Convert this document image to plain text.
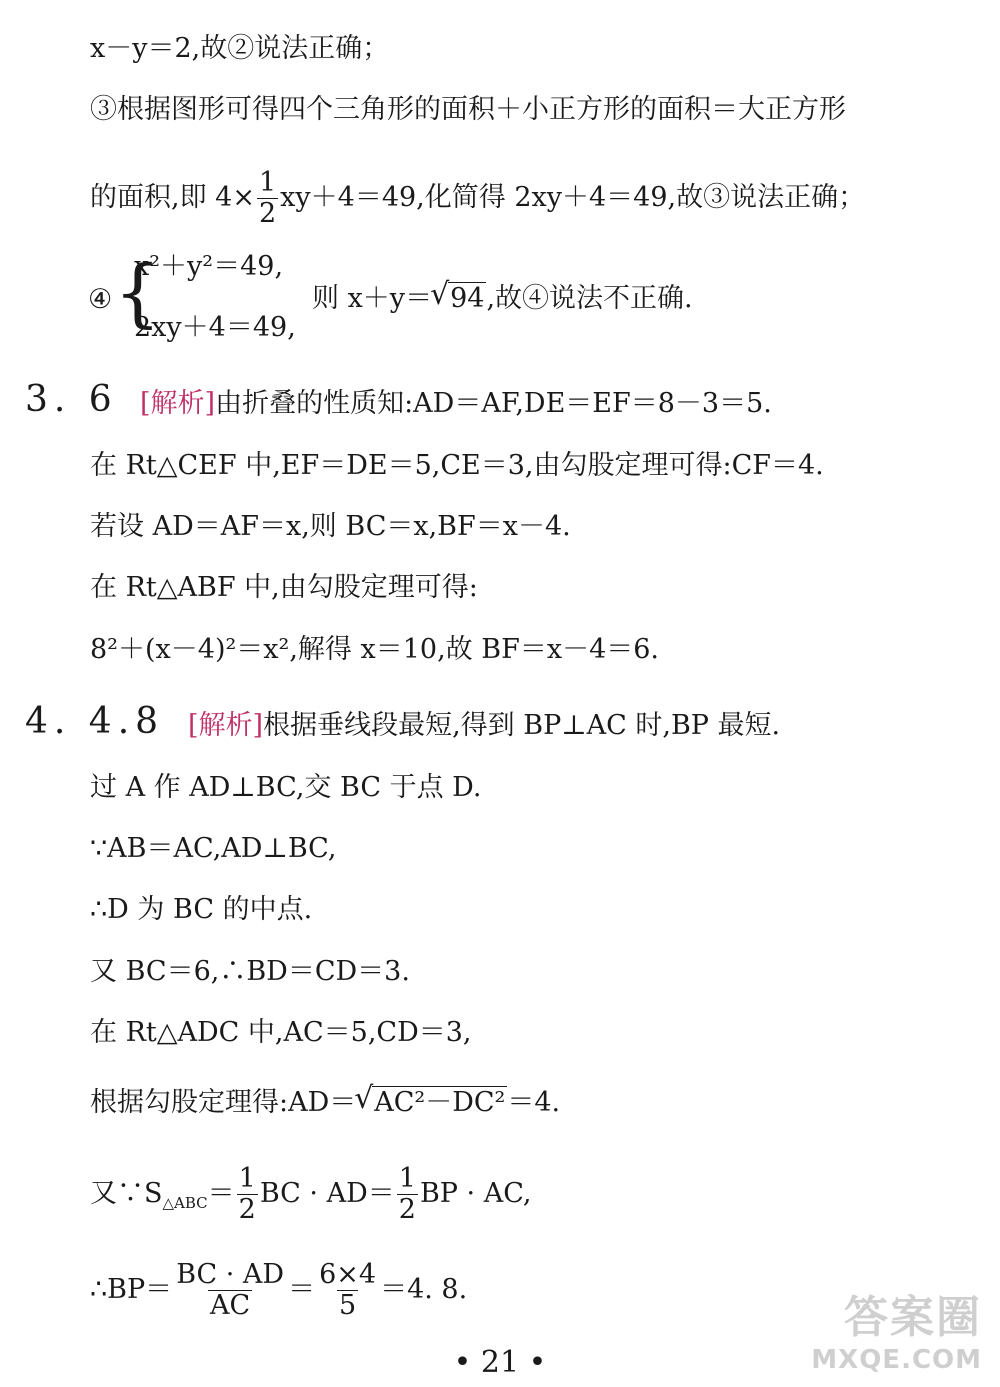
x－y＝2,故②说法正确；
③根据图形可得四个三角形的面积＋小正方形的面积＝大正方形
的面积,即 $4\times \frac{1}{2} xy+4=49$,化简得 2xy＋4＝49,故③说法正确；
④ {
x²＋y²＝49,
2xy＋4＝49,
则 x＋y＝ √ 94,故④说法不正确.
3. 6 [解析]由折叠的性质知:AD＝AF,DE＝EF＝8－3＝5.
在 Rt△CEF 中,EF＝DE＝5,CE＝3,由勾股定理可得:CF＝4.
若设 AD＝AF＝x,则 BC＝x,BF＝x－4.
在 Rt△ABF 中,由勾股定理可得:
8²＋(x－4)²＝x²,解得 x＝10,故 BF＝x－4＝6.
4. 4.8 [解析]根据垂线段最短,得到 BP⊥AC 时,BP 最短.
过 A 作 AD⊥BC,交 BC 于点 D.
∵AB＝AC,AD⊥BC,
∴D 为 BC 的中点.
又 BC＝6,∴BD＝CD＝3.
在 Rt△ADC 中,AC＝5,CD＝3,
根据勾股定理得:AD＝ √ AC²－DC²＝4.
又$\because S_{\triangle ABC}= \frac{1}{2}$ BC · $AD= \frac{1}{2}$ BP · AC,
∴BP＝ $\frac{BC \cdot AD}{AC} = \frac{6\times 4}{5} =4$. 8.
• 21 •
答案圈
MXQE.COM
